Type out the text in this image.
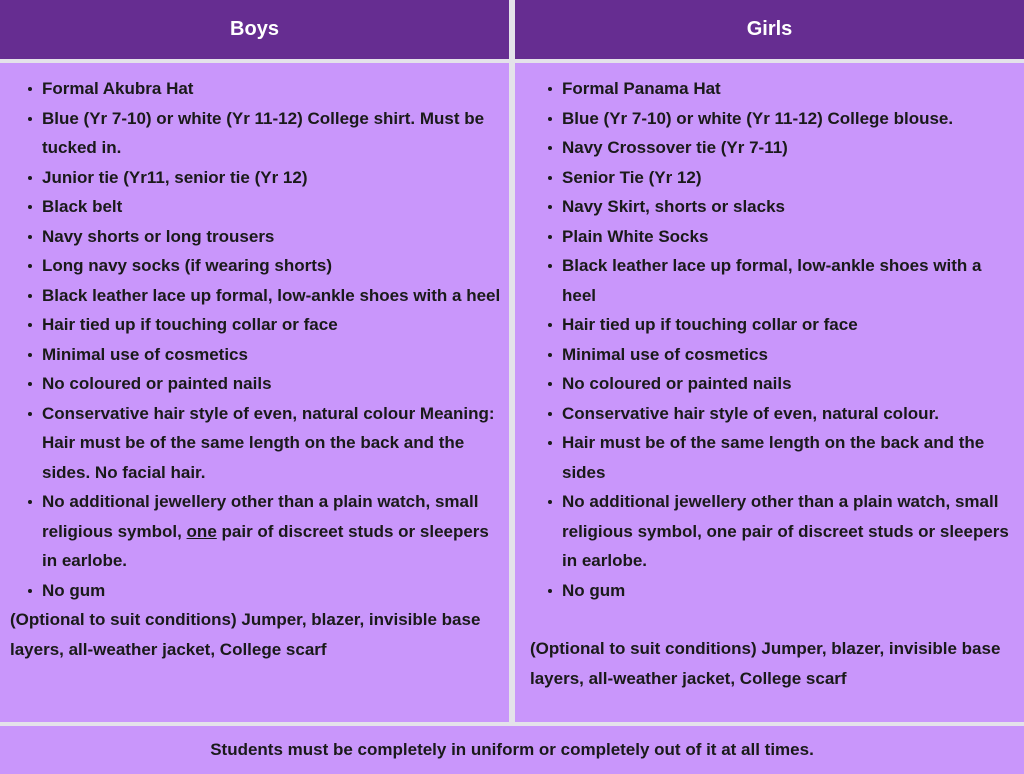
Boys	Girls
Formal Akubra Hat
Blue (Yr 7-10) or white (Yr 11-12) College shirt. Must be tucked in.
Junior tie (Yr11, senior tie (Yr 12)
Black belt
Navy shorts or long trousers
Long navy socks (if wearing shorts)
Black leather lace up formal, low-ankle shoes with a heel
Hair tied up if touching collar or face
Minimal use of cosmetics
No coloured or painted nails
Conservative hair style of even, natural colour Meaning: Hair must be of the same length on the back and the sides. No facial hair.
No additional jewellery other than a plain watch, small religious symbol, one pair of discreet studs or sleepers in earlobe.
No gum

(Optional to suit conditions) Jumper, blazer, invisible base layers, all-weather jacket, College scarf

Formal Panama Hat
Blue (Yr 7-10) or white (Yr 11-12) College blouse.
Navy Crossover tie (Yr 7-11)
Senior Tie (Yr 12)
Navy Skirt, shorts or slacks
Plain White Socks
Black leather lace up formal, low-ankle shoes with a heel
Hair tied up if touching collar or face
Minimal use of cosmetics
No coloured or painted nails
Conservative hair style of even, natural colour.
Hair must be of the same length on the back and the sides
No additional jewellery other than a plain watch, small religious symbol, one pair of discreet studs or sleepers in earlobe.
No gum

(Optional to suit conditions) Jumper, blazer, invisible base layers, all-weather jacket, College scarf

Students must be completely in uniform or completely out of it at all times.
